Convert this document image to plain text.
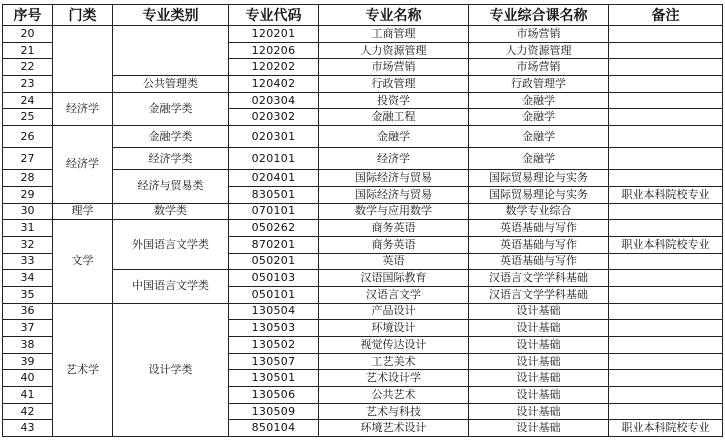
序号	门类	专业类别	专业代码	专业名称	专业综合课名称	备注
20			120201	工商管理	市场营销	
21			120206	人力资源管理	人力资源管理	
22			120202	市场营销	市场营销	
23		公共管理类	120402	行政管理	行政管理学	
24	经济学	金融学类	020304	投资学	金融学	
25			020302	金融工程	金融学	
26	经济学	金融学类	020301	金融学	金融学	
27		经济学类	020101	经济学	金融学	
28		经济与贸易类	020401	国际经济与贸易	国际贸易理论与实务	
29			830501	国际经济与贸易	国际贸易理论与实务	职业本科院校专业
30	理学	数学类	070101	数学与应用数学	数学专业综合	
31	文学	外国语言文学类	050262	商务英语	英语基础与写作	
32			870201	商务英语	英语基础与写作	职业本科院校专业
33			050201	英语	英语基础与写作	
34		中国语言文学类	050103	汉语国际教育	汉语言文学学科基础	
35			050101	汉语言文学	汉语言文学学科基础	
36	艺术学	设计学类	130504	产品设计	设计基础	
37			130503	环境设计	设计基础	
38			130502	视觉传达设计	设计基础	
39			130507	工艺美术	设计基础	
40			130501	艺术设计学	设计基础	
41			130506	公共艺术	设计基础	
42			130509	艺术与科技	设计基础	
43			850104	环境艺术设计	设计基础	职业本科院校专业
